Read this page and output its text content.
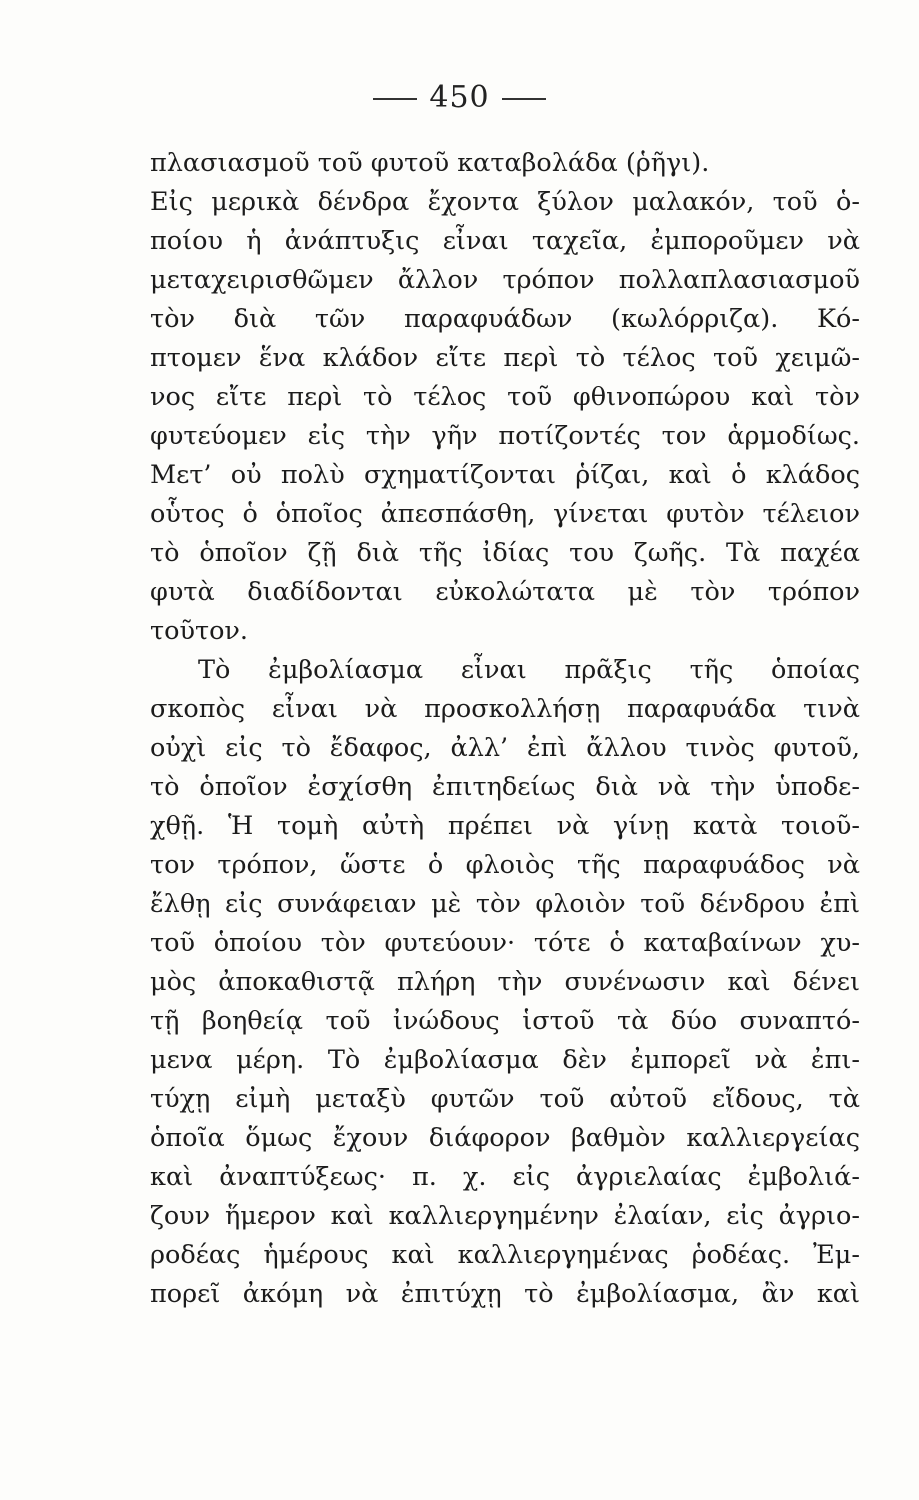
450
πλασιασμοῦ τοῦ φυτοῦ καταβολάδα (ῥῆγι).
Εἰς μερικὰ δένδρα ἔχοντα ξύλον μαλακόν, τοῦ ὁ-
ποίου ἡ ἀνάπτυξις εἶναι ταχεῖα, ἐμποροῦμεν νὰ
μεταχειρισθῶμεν ἄλλον τρόπον πολλαπλασιασμοῦ
τὸν διὰ τῶν παραφυάδων (κωλόρριζα). Κό-
πτομεν ἕνα κλάδον εἴτε περὶ τὸ τέλος τοῦ χειμῶ-
νος εἴτε περὶ τὸ τέλος τοῦ φθινοπώρου καὶ τὸν
φυτεύομεν εἰς τὴν γῆν ποτίζοντές τον ἁρμοδίως.
Μετ’ οὐ πολὺ σχηματίζονται ῥίζαι, καὶ ὁ κλάδος
οὗτος ὁ ὁποῖος ἀπεσπάσθη, γίνεται φυτὸν τέλειον
τὸ ὁποῖον ζῇ διὰ τῆς ἰδίας του ζωῆς. Τὰ παχέα
φυτὰ διαδίδονται εὐκολώτατα μὲ τὸν τρόπον
τοῦτον.
Τὸ ἐμβολίασμα εἶναι πρᾶξις τῆς ὁποίας
σκοπὸς εἶναι νὰ προσκολλήσῃ παραφυάδα τινὰ
οὐχὶ εἰς τὸ ἔδαφος, ἀλλ’ ἐπὶ ἄλλου τινὸς φυτοῦ,
τὸ ὁποῖον ἐσχίσθη ἐπιτηδείως διὰ νὰ τὴν ὑποδε-
χθῇ. Ἡ τομὴ αὐτὴ πρέπει νὰ γίνῃ κατὰ τοιοῦ-
τον τρόπον, ὥστε ὁ φλοιὸς τῆς παραφυάδος νὰ
ἔλθῃ εἰς συνάφειαν μὲ τὸν φλοιὸν τοῦ δένδρου ἐπὶ
τοῦ ὁποίου τὸν φυτεύουν· τότε ὁ καταβαίνων χυ-
μὸς ἀποκαθιστᾷ πλήρη τὴν συνένωσιν καὶ δένει
τῇ βοηθείᾳ τοῦ ἰνώδους ἱστοῦ τὰ δύο συναπτό-
μενα μέρη. Τὸ ἐμβολίασμα δὲν ἐμπορεῖ νὰ ἐπι-
τύχῃ εἰμὴ μεταξὺ φυτῶν τοῦ αὐτοῦ εἴδους, τὰ
ὁποῖα ὅμως ἔχουν διάφορον βαθμὸν καλλιεργείας
καὶ ἀναπτύξεως· π. χ. εἰς ἀγριελαίας ἐμβολιά-
ζουν ἥμερον καὶ καλλιεργημένην ἐλαίαν, εἰς ἀγριο-
ροδέας ἡμέρους καὶ καλλιεργημένας ῥοδέας. Ἐμ-
πορεῖ ἀκόμη νὰ ἐπιτύχῃ τὸ ἐμβολίασμα, ἂν καὶ
